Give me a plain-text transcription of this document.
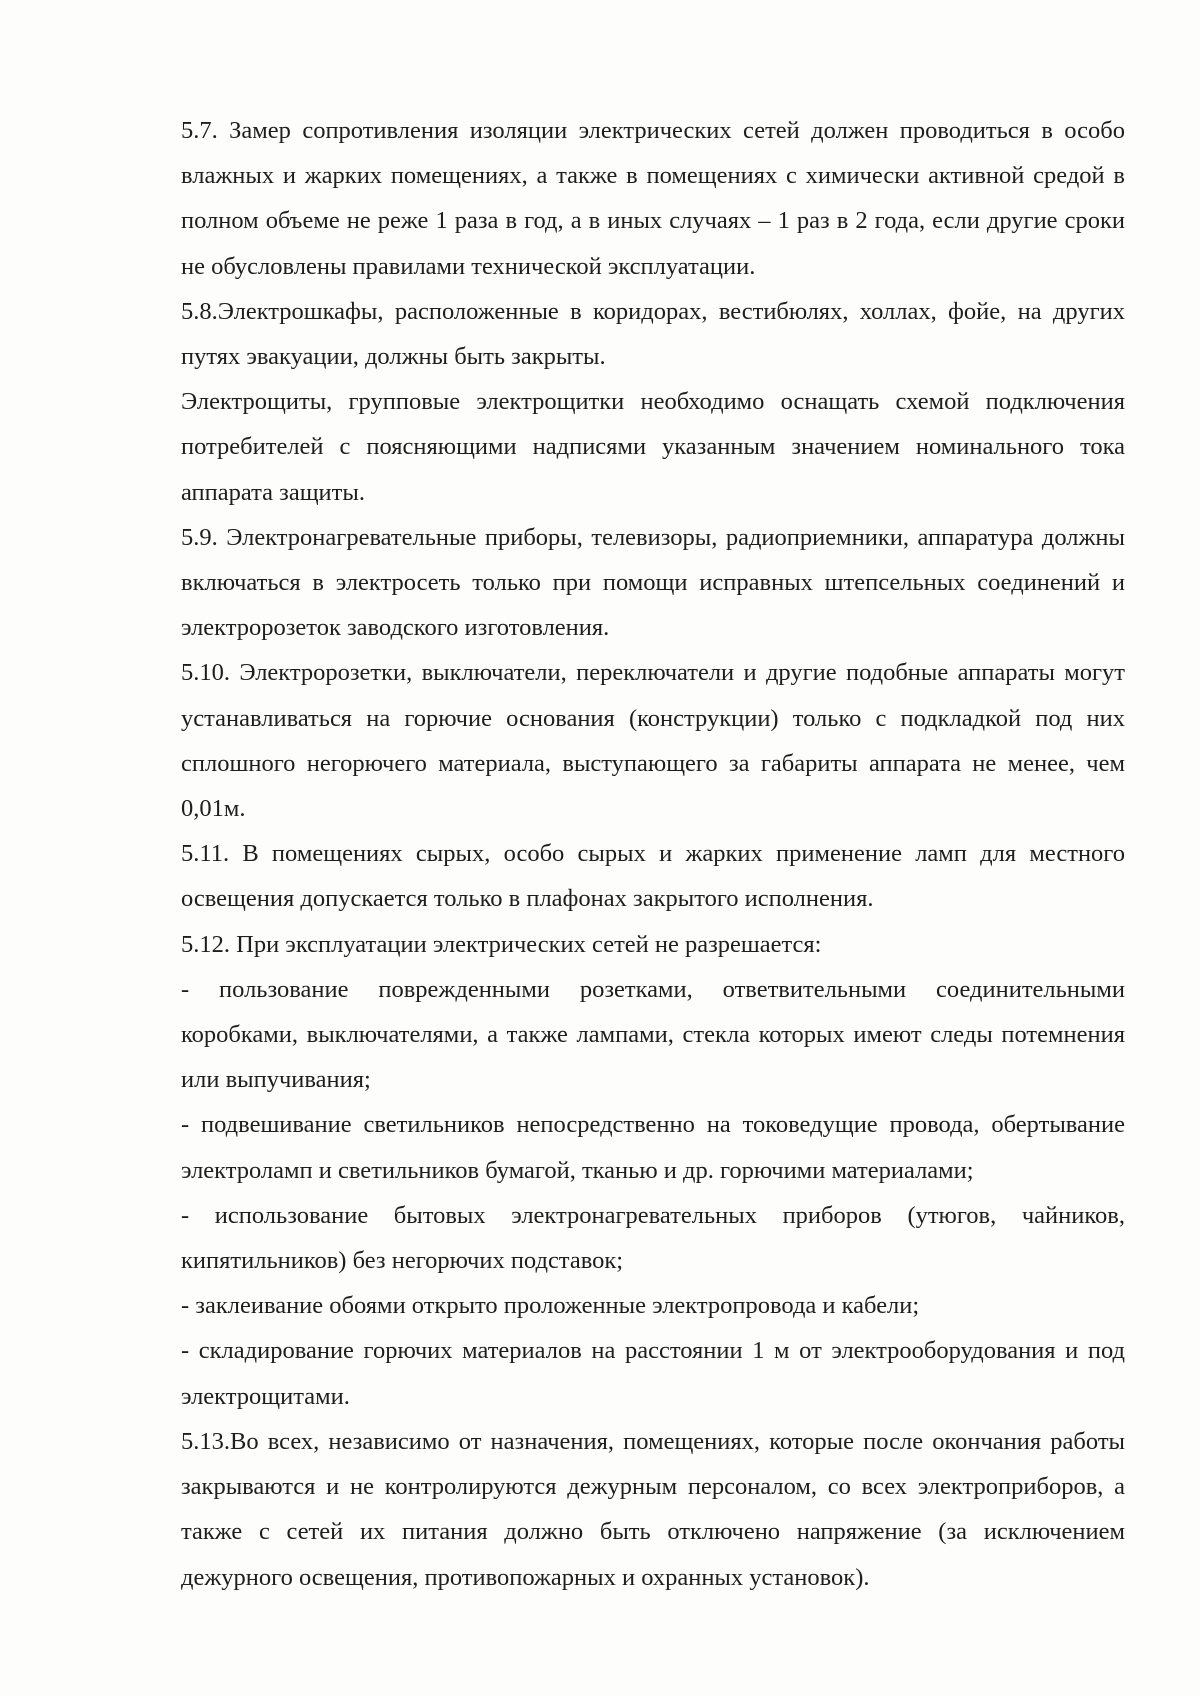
5.7. Замер сопротивления изоляции электрических сетей должен проводиться в особо влажных и жарких помещениях, а также в помещениях с химически активной средой в полном объеме не реже 1 раза в год, а в иных случаях – 1 раз в 2 года, если другие сроки не обусловлены правилами технической эксплуатации.

5.8.Электрошкафы, расположенные в коридорах, вестибюлях, холлах, фойе, на других путях эвакуации, должны быть закрыты.

Электрощиты, групповые электрощитки необходимо оснащать схемой подключения потребителей с поясняющими надписями указанным значением номинального тока аппарата защиты.

5.9. Электронагревательные приборы, телевизоры, радиоприемники, аппаратура должны включаться в электросеть только при помощи исправных штепсельных соединений и электророзеток заводского изготовления.

5.10. Электророзетки, выключатели, переключатели и другие подобные аппараты могут устанавливаться на горючие основания (конструкции) только с подкладкой под них сплошного негорючего материала, выступающего за габариты аппарата не менее, чем 0,01м.

5.11. В помещениях сырых, особо сырых и жарких применение ламп для местного освещения допускается только в плафонах закрытого исполнения.

5.12. При эксплуатации электрических сетей не разрешается:

- пользование поврежденными розетками, ответвительными соединительными коробками, выключателями, а также лампами, стекла которых имеют следы потемнения или выпучивания;

- подвешивание светильников непосредственно на токоведущие провода, обертывание электроламп и светильников бумагой, тканью и др. горючими материалами;

- использование бытовых электронагревательных приборов (утюгов, чайников, кипятильников) без негорючих подставок;

- заклеивание обоями открыто проложенные электропровода и кабели;

- складирование горючих материалов на расстоянии 1 м от электрооборудования и под электрощитами.

5.13.Во всех, независимо от назначения, помещениях, которые после окончания работы закрываются и не контролируются дежурным персоналом, со всех электроприборов, а также с сетей их питания должно быть отключено напряжение (за исключением дежурного освещения, противопожарных и охранных установок).
